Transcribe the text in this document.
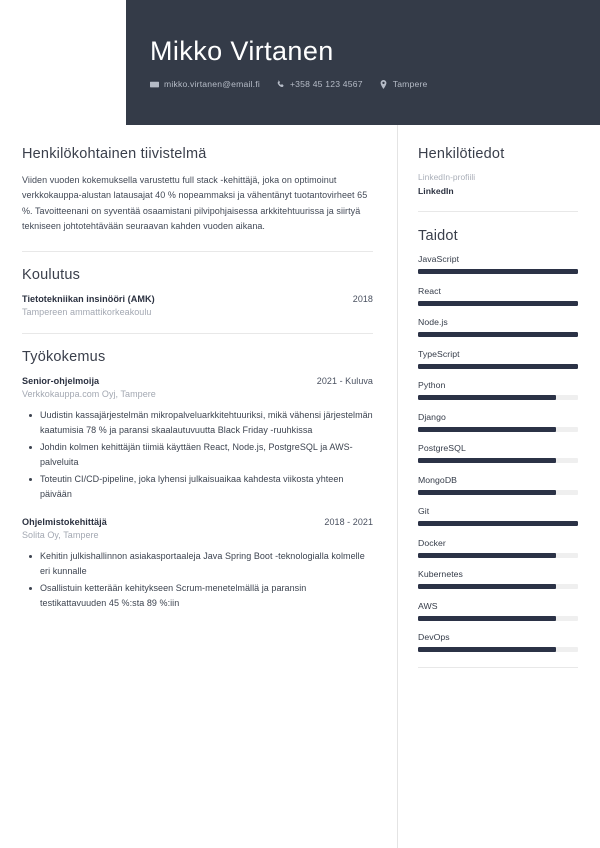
Mikko Virtanen
mikko.virtanen@email.fi	+358 45 123 4567	Tampere
Henkilökohtainen tiivistelmä

Viiden vuoden kokemuksella varustettu full stack -kehittäjä, joka on optimoinut verkkokauppa-alustan latausajat 40 % nopeammaksi ja vähentänyt tuotantovirheet 65 %. Tavoitteenani on syventää osaamistani pilvipohjaisessa arkkitehtuurissa ja siirtyä tekniseen johtotehtävään seuraavan kahden vuoden aikana.

Koulutus
Tietotekniikan insinööri (AMK)	2018
Tampereen ammattikorkeakoulu
Työkokemus
Senior-ohjelmoija	2021 - Kuluva
Verkkokauppa.com Oyj, Tampere
Uudistin kassajärjestelmän mikropalveluarkkitehtuuriksi, mikä vähensi järjestelmän kaatumisia 78 % ja paransi skaalautuvuutta Black Friday -ruuhkissa
Johdin kolmen kehittäjän tiimiä käyttäen React, Node.js, PostgreSQL ja AWS-palveluita
Toteutin CI/CD-pipeline, joka lyhensi julkaisuaikaa kahdesta viikosta yhteen päivään
Ohjelmistokehittäjä	2018 - 2021
Solita Oy, Tampere
Kehitin julkishallinnon asiakasportaaleja Java Spring Boot -teknologialla kolmelle eri kunnalle
Osallistuin ketterään kehitykseen Scrum-menetelmällä ja paransin testikattavuuden 45 %:sta 89 %:iin
Henkilötiedot
LinkedIn-profiili
LinkedIn
Taidot
JavaScript
React
Node.js
TypeScript
Python
Django
PostgreSQL
MongoDB
Git
Docker
Kubernetes
AWS
DevOps
